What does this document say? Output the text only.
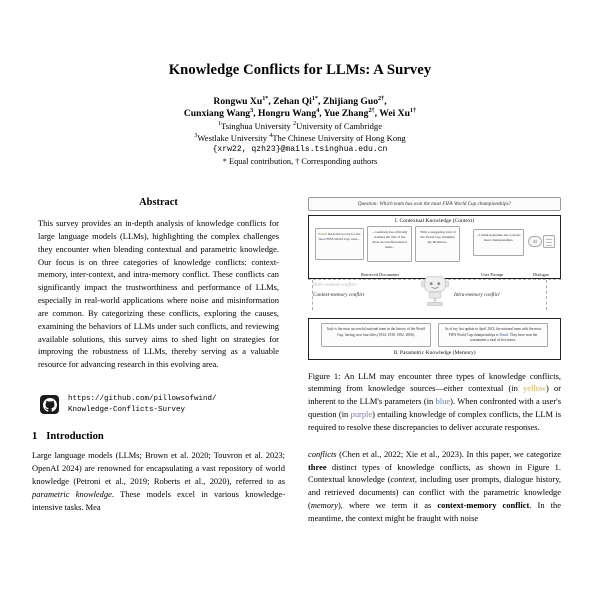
Knowledge Conflicts for LLMs: A Survey
Rongwu $Xu^{1*}$, Zehan $Qi^{1*}$, Zhijiang Guo$^{2\dagger}$,
Cunxiang Wang$^3$, Hongru Wang$^4$, Yue Zhang$^{2\dagger}$, Wei $Xu^{1\dagger}$
$^1$Tsinghua University $^2$University of Cambridge
$^3$Westlake University $^4$The Chinese University of Hong Kong
{xrw22, qzh23}@mails.tsinghua.edu.cn
* Equal contribution, † Corresponding authors
Abstract
This survey provides an in-depth analysis of knowledge conflicts for large language models (LLMs), highlighting the complex challenges they encounter when blending contextual and parametric knowledge. Our focus is on three categories of knowledge conflicts: context-memory, inter-context, and intra-memory conflict. These conflicts can significantly impact the trustworthiness and performance of LLMs, especially in real-world applications where noise and misinformation are common. By categorizing these conflicts, exploring the causes, examining the behaviors of LLMs under such conflicts, and reviewing available solutions, this survey aims to shed light on strategies for improving the robustness of LLMs, thereby serving as a valuable resource for advancing research in this evolving area.
https://github.com/pillowsofwind/
Knowledge-Conflicts-Survey
1 Introduction
Large language models (LLMs; Brown et al. 2020; Touvron et al. 2023; OpenAI 2024) are renowned for encapsulating a vast repository of world knowledge (Petroni et al., 2019; Roberts et al., 2020), referred to as parametric knowledge. These models excel in various knowledge-intensive tasks. Mea
Question: Which team has won the most FIFA World Cup championships?
I. Contextual Knowledge (Context)
Brazil holds the record for the most FIFA World Cup wins...
... Germany has officially claimed the title of the most successful national team...
With a staggering total of the World Cup triumphs, the Brazilian...
...I think Argentina has won the most championships.
AI
Retrieved Documents	User Prompt	Dialogue
Inter-context conflict
Context-memory conflict	Intra-memory conflict
Italy is the most successful national team in the history of the World Cup, having won four titles (1934, 1938, 1982, 2006).
As of my last update in April 2023, the national team with the most FIFA World Cup championships is Brazil. They have won the tournament a total of five times.
II. Parametric Knowledge (Memory)
Figure 1: An LLM may encounter three types of knowledge conflicts, stemming from knowledge sources—either contextual (in yellow) or inherent to the LLM's parameters (in blue). When confronted with a user's question (in purple) entailing knowledge of complex conflicts, the LLM is required to resolve these discrepancies to deliver accurate responses.
conflicts (Chen et al., 2022; Xie et al., 2023). In this paper, we categorize three distinct types of knowledge conflicts, as shown in Figure 1. Contextual knowledge (context, including user prompts, dialogue history, and retrieved documents) can conflict with the parametric knowledge (memory), where we term it as context-memory conflict. In the meantime, the context might be fraught with noise
